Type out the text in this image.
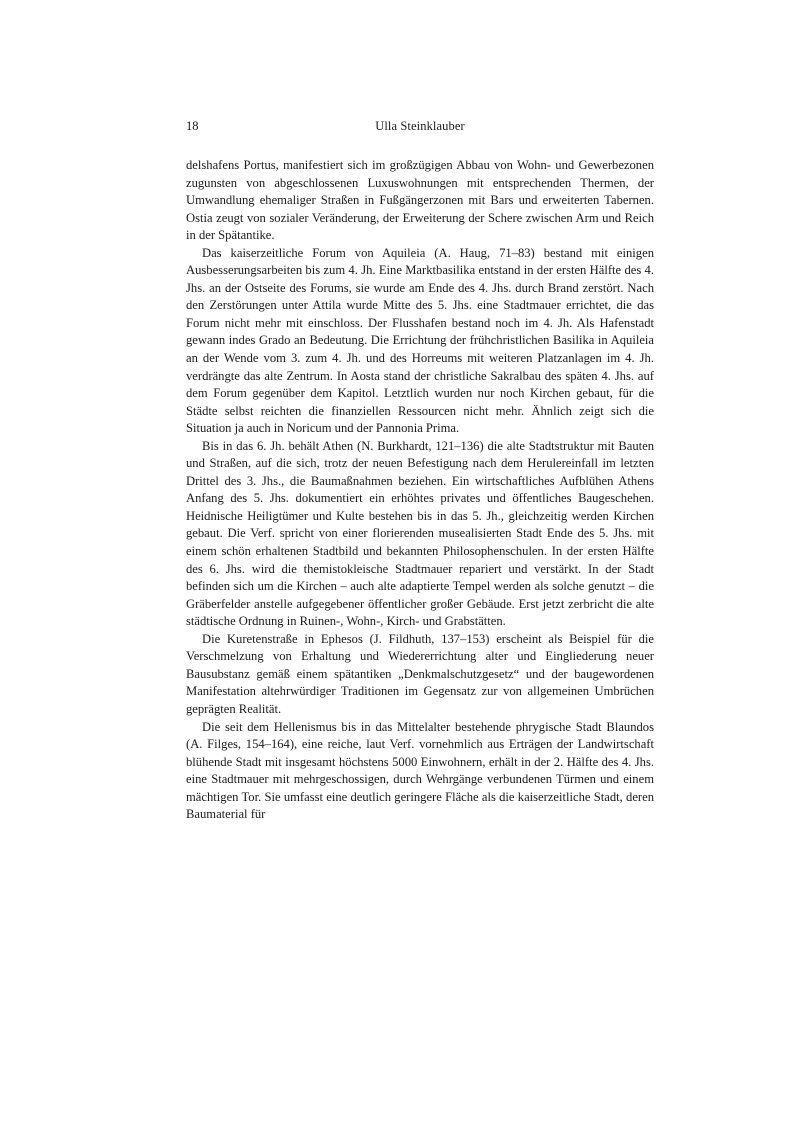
18	Ulla Steinklauber

delshafens Portus, manifestiert sich im großzügigen Abbau von Wohn- und Gewerbezonen zugunsten von abgeschlossenen Luxuswohnungen mit entsprechenden Thermen, der Umwandlung ehemaliger Straßen in Fußgängerzonen mit Bars und erweiterten Tabernen. Ostia zeugt von sozialer Veränderung, der Erweiterung der Schere zwischen Arm und Reich in der Spätantike.

Das kaiserzeitliche Forum von Aquileia (A. Haug, 71–83) bestand mit einigen Ausbesserungsarbeiten bis zum 4. Jh. Eine Marktbasilika entstand in der ersten Hälfte des 4. Jhs. an der Ostseite des Forums, sie wurde am Ende des 4. Jhs. durch Brand zerstört. Nach den Zerstörungen unter Attila wurde Mitte des 5. Jhs. eine Stadtmauer errichtet, die das Forum nicht mehr mit einschloss. Der Flusshafen bestand noch im 4. Jh. Als Hafenstadt gewann indes Grado an Bedeutung. Die Errichtung der frühchristlichen Basilika in Aquileia an der Wende vom 3. zum 4. Jh. und des Horreums mit weiteren Platzanlagen im 4. Jh. verdrängte das alte Zentrum. In Aosta stand der christliche Sakralbau des späten 4. Jhs. auf dem Forum gegenüber dem Kapitol. Letztlich wurden nur noch Kirchen gebaut, für die Städte selbst reichten die finanziellen Ressourcen nicht mehr. Ähnlich zeigt sich die Situation ja auch in Noricum und der Pannonia Prima.

Bis in das 6. Jh. behält Athen (N. Burkhardt, 121–136) die alte Stadtstruktur mit Bauten und Straßen, auf die sich, trotz der neuen Befestigung nach dem Herulereinfall im letzten Drittel des 3. Jhs., die Baumaßnahmen beziehen. Ein wirtschaftliches Aufblühen Athens Anfang des 5. Jhs. dokumentiert ein erhöhtes privates und öffentliches Baugeschehen. Heidnische Heiligtümer und Kulte bestehen bis in das 5. Jh., gleichzeitig werden Kirchen gebaut. Die Verf. spricht von einer florierenden musealisierten Stadt Ende des 5. Jhs. mit einem schön erhaltenen Stadtbild und bekannten Philosophenschulen. In der ersten Hälfte des 6. Jhs. wird die themistokleische Stadtmauer repariert und verstärkt. In der Stadt befinden sich um die Kirchen – auch alte adaptierte Tempel werden als solche genutzt – die Gräberfelder anstelle aufgegebener öffentlicher großer Gebäude. Erst jetzt zerbricht die alte städtische Ordnung in Ruinen-, Wohn-, Kirch- und Grabstätten.

Die Kuretenstraße in Ephesos (J. Fildhuth, 137–153) erscheint als Beispiel für die Verschmelzung von Erhaltung und Wiedererrichtung alter und Eingliederung neuer Bausubstanz gemäß einem spätantiken „Denkmalschutzgesetz“ und der baugewordenen Manifestation altehrwürdiger Traditionen im Gegensatz zur von allgemeinen Umbrüchen geprägten Realität.

Die seit dem Hellenismus bis in das Mittelalter bestehende phrygische Stadt Blaundos (A. Filges, 154–164), eine reiche, laut Verf. vornehmlich aus Erträgen der Landwirtschaft blühende Stadt mit insgesamt höchstens 5000 Einwohnern, erhält in der 2. Hälfte des 4. Jhs. eine Stadtmauer mit mehrgeschossigen, durch Wehrgänge verbundenen Türmen und einem mächtigen Tor. Sie umfasst eine deutlich geringere Fläche als die kaiserzeitliche Stadt, deren Baumaterial für
